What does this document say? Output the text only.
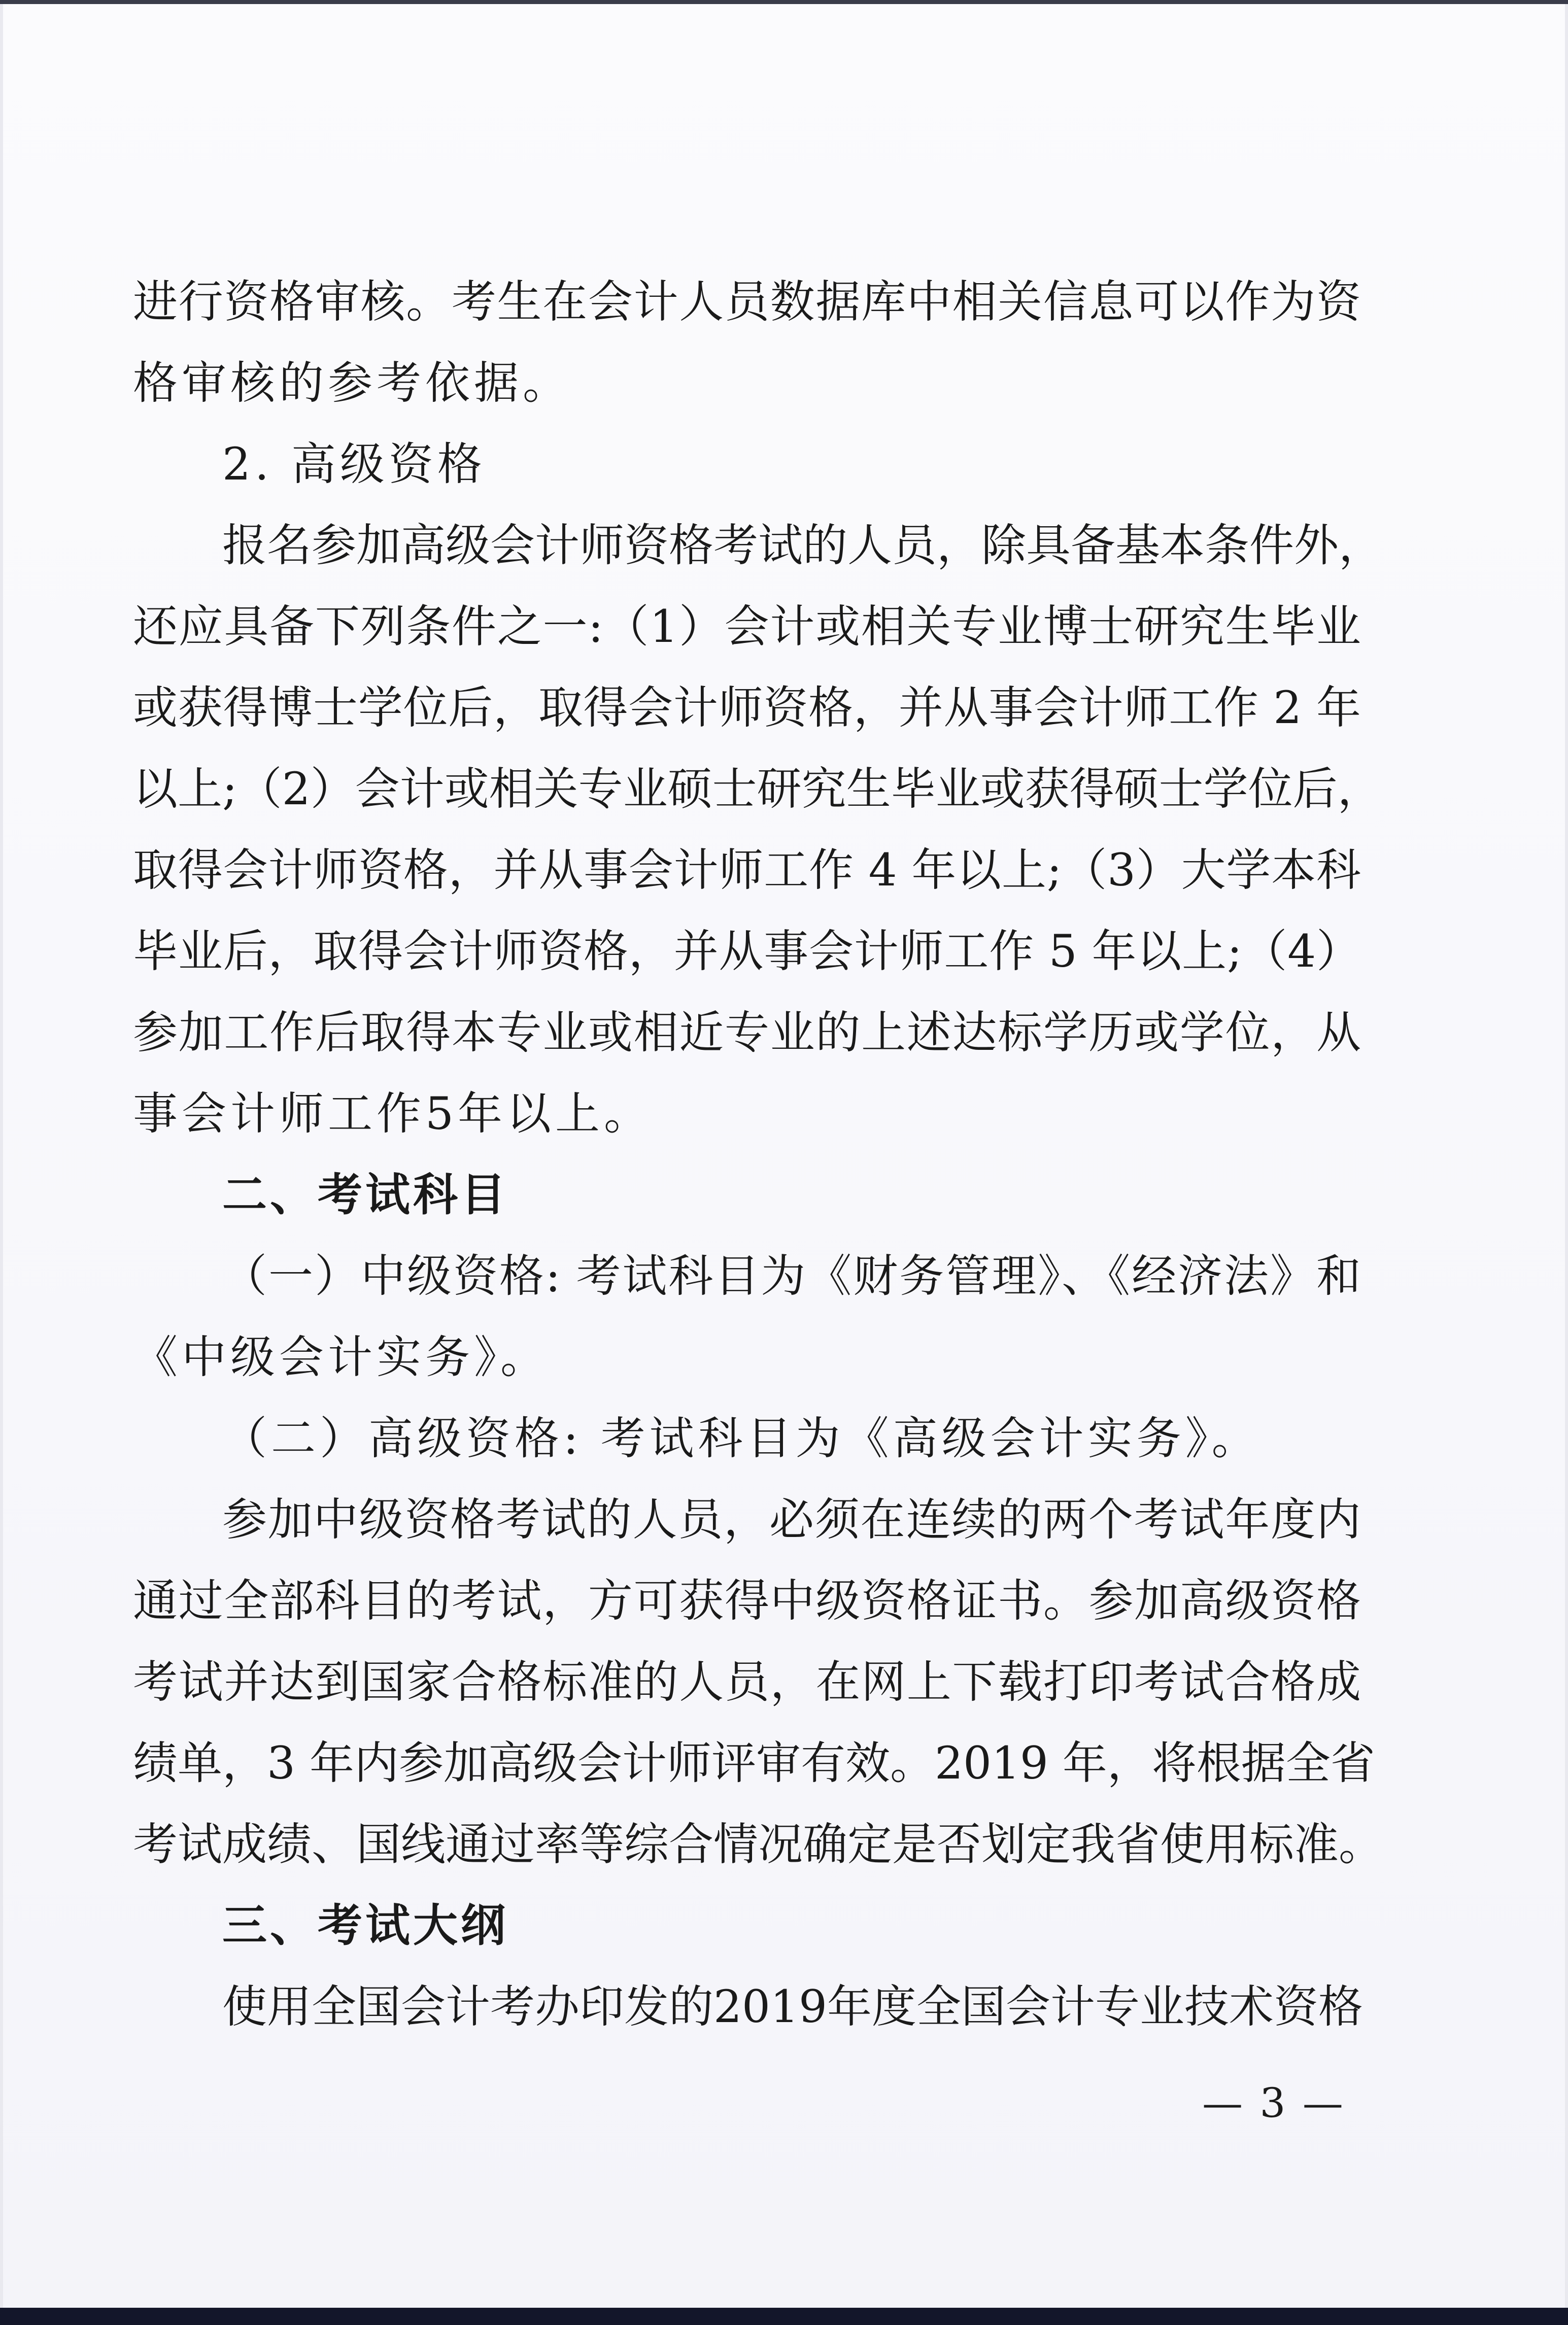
进行资格审核。考生在会计人员数据库中相关信息可以作为资
格审核的参考依据。
2. 高级资格
报名参加高级会计师资格考试的人员，除具备基本条件外，
还应具备下列条件之一:（1）会计或相关专业博士研究生毕业
或获得博士学位后，取得会计师资格，并从事会计师工作 2 年
以上;（2）会计或相关专业硕士研究生毕业或获得硕士学位后，
取得会计师资格，并从事会计师工作 4 年以上;（3）大学本科
毕业后，取得会计师资格，并从事会计师工作 5 年以上;（4）
参加工作后取得本专业或相近专业的上述达标学历或学位，从
事会计师工作5年以上。
二、考试科目
（一）中级资格: 考试科目为《财务管理》、《经济法》和
《中级会计实务》。
（二）高级资格: 考试科目为《高级会计实务》。
参加中级资格考试的人员，必须在连续的两个考试年度内
通过全部科目的考试，方可获得中级资格证书。参加高级资格
考试并达到国家合格标准的人员，在网上下载打印考试合格成
绩单，3 年内参加高级会计师评审有效。2019 年，将根据全省
考试成绩、国线通过率等综合情况确定是否划定我省使用标准。
三、考试大纲
使用全国会计考办印发的2019年度全国会计专业技术资格
— 3 —
